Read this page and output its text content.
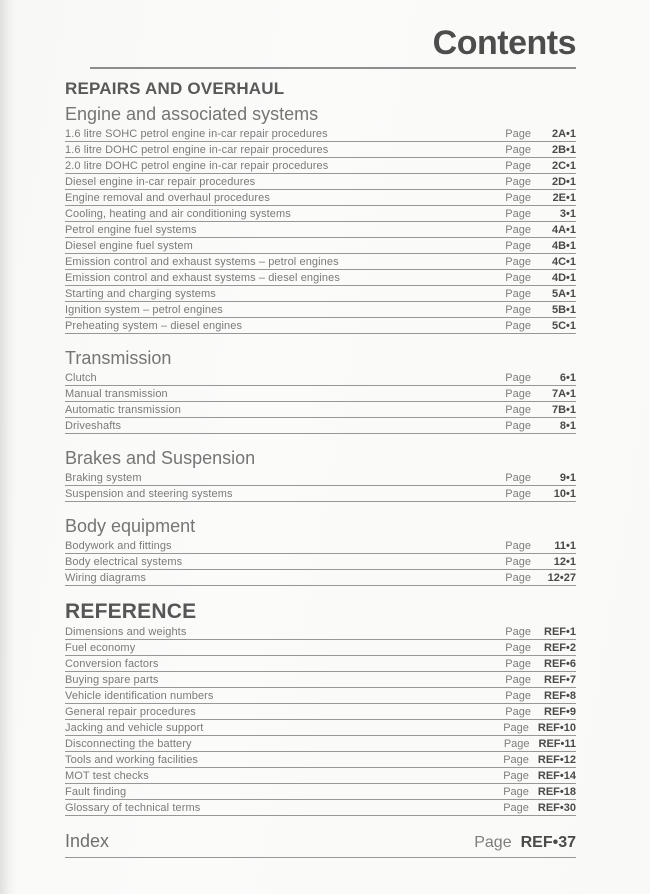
Contents
REPAIRS AND OVERHAUL
Engine and associated systems
1.6 litre SOHC petrol engine in-car repair procedures	Page 2A•1
1.6 litre DOHC petrol engine in-car repair procedures	Page 2B•1
2.0 litre DOHC petrol engine in-car repair procedures	Page 2C•1
Diesel engine in-car repair procedures	Page 2D•1
Engine removal and overhaul procedures	Page 2E•1
Cooling, heating and air conditioning systems	Page	3•1
Petrol engine fuel systems	Page 4A•1
Diesel engine fuel system	Page 4B•1
Emission control and exhaust systems – petrol engines	Page 4C•1
Emission control and exhaust systems – diesel engines	Page 4D•1
Starting and charging systems	Page 5A•1
Ignition system – petrol engines	Page 5B•1
Preheating system – diesel engines	Page 5C•1
Transmission
Clutch	Page	6•1
Manual transmission	Page 7A•1
Automatic transmission	Page 7B•1
Driveshafts	Page	8•1
Brakes and Suspension
Braking system	Page	9•1
Suspension and steering systems	Page 10•1
Body equipment
Bodywork and fittings	Page 11•1
Body electrical systems	Page 12•1
Wiring diagrams	Page 12•27
REFERENCE
Dimensions and weights	Page REF•1
Fuel economy	Page REF•2
Conversion factors	Page REF•6
Buying spare parts	Page REF•7
Vehicle identification numbers	Page REF•8
General repair procedures	Page REF•9
Jacking and vehicle support	Page REF•10
Disconnecting the battery	Page REF•11
Tools and working facilities	Page REF•12
MOT test checks	Page REF•14
Fault finding	Page REF•18
Glossary of technical terms	Page REF•30
Index	Page REF•37
